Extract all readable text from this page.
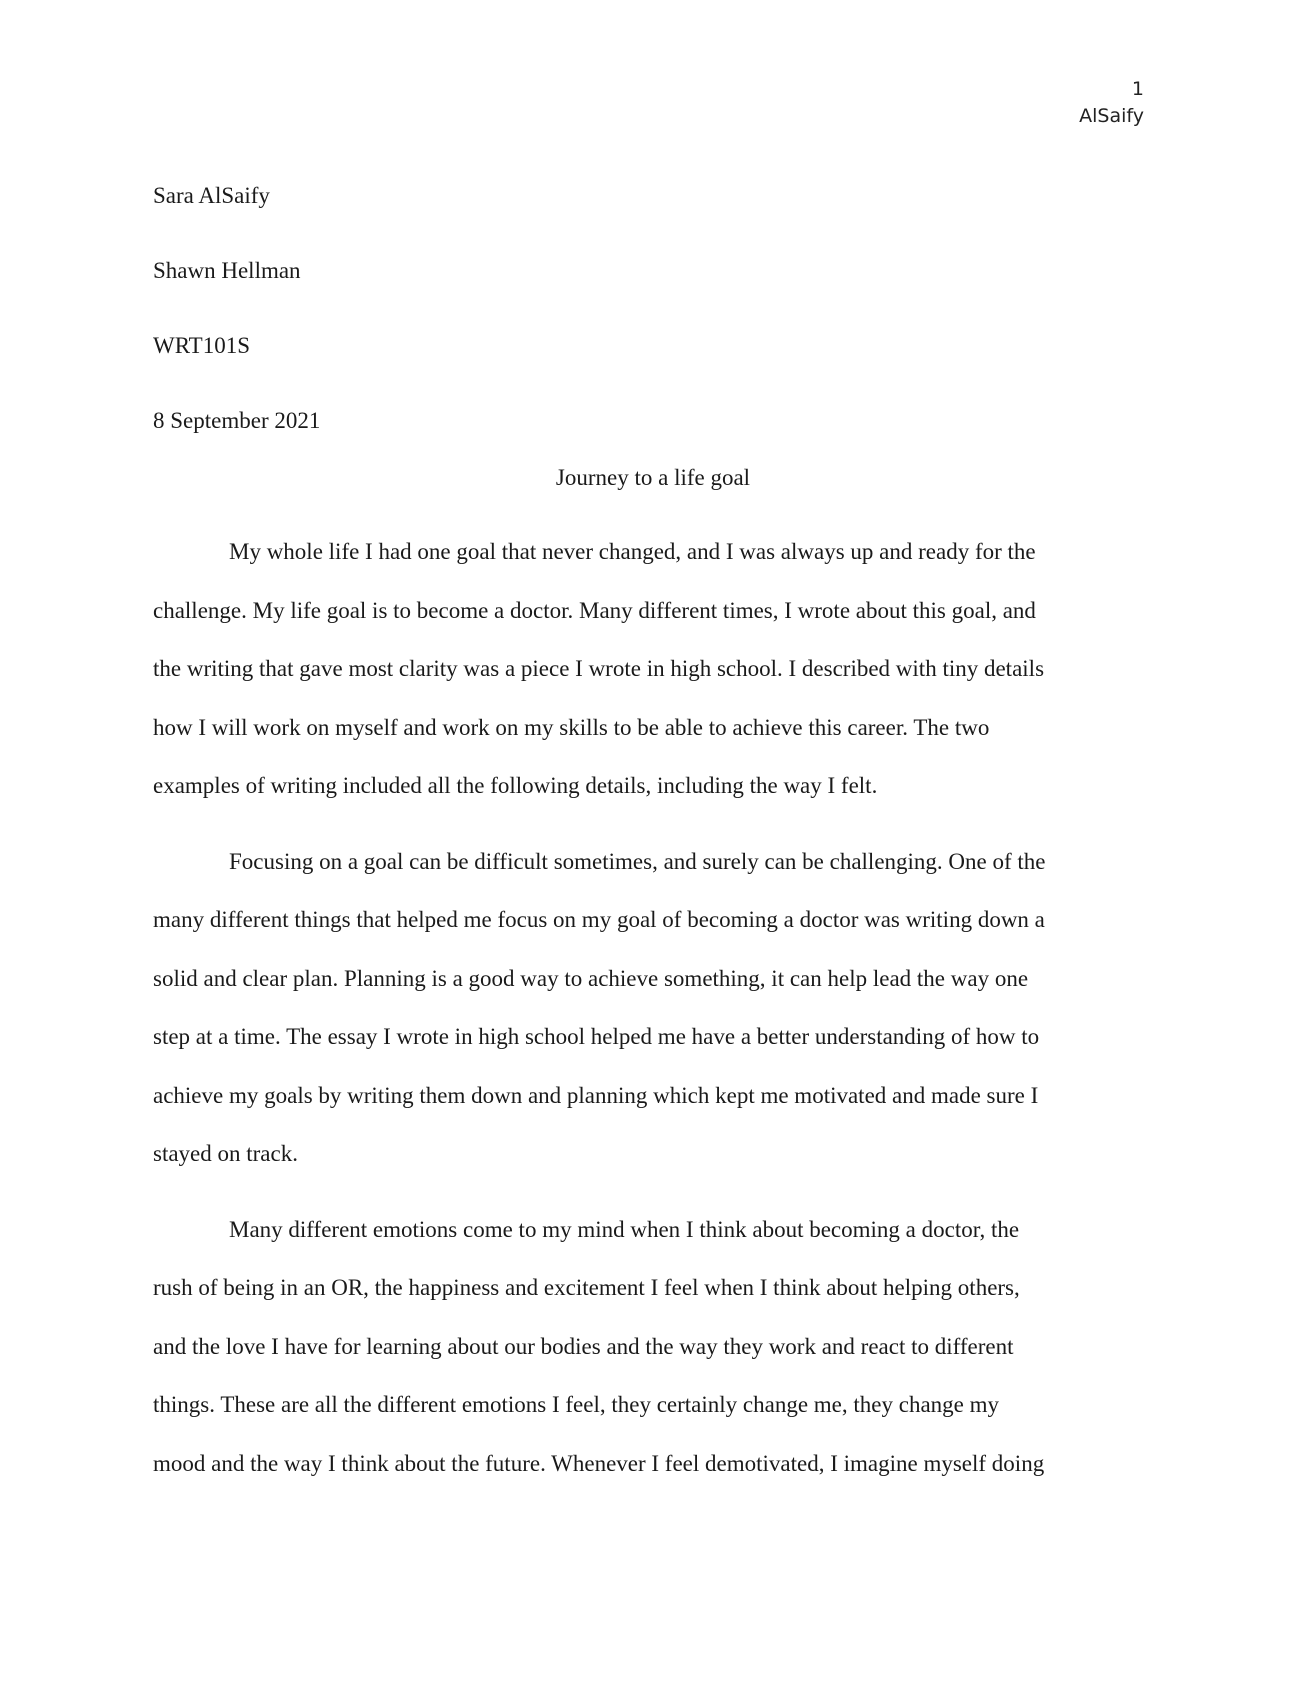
1
AlSaify
Sara AlSaify
Shawn Hellman
WRT101S
8 September 2021
Journey to a life goal
My whole life I had one goal that never changed, and I was always up and ready for the
challenge. My life goal is to become a doctor. Many different times, I wrote about this goal, and
the writing that gave most clarity was a piece I wrote in high school. I described with tiny details
how I will work on myself and work on my skills to be able to achieve this career. The two
examples of writing included all the following details, including the way I felt.
Focusing on a goal can be difficult sometimes, and surely can be challenging. One of the
many different things that helped me focus on my goal of becoming a doctor was writing down a
solid and clear plan. Planning is a good way to achieve something, it can help lead the way one
step at a time. The essay I wrote in high school helped me have a better understanding of how to
achieve my goals by writing them down and planning which kept me motivated and made sure I
stayed on track.
Many different emotions come to my mind when I think about becoming a doctor, the
rush of being in an OR, the happiness and excitement I feel when I think about helping others,
and the love I have for learning about our bodies and the way they work and react to different
things. These are all the different emotions I feel, they certainly change me, they change my
mood and the way I think about the future. Whenever I feel demotivated, I imagine myself doing
